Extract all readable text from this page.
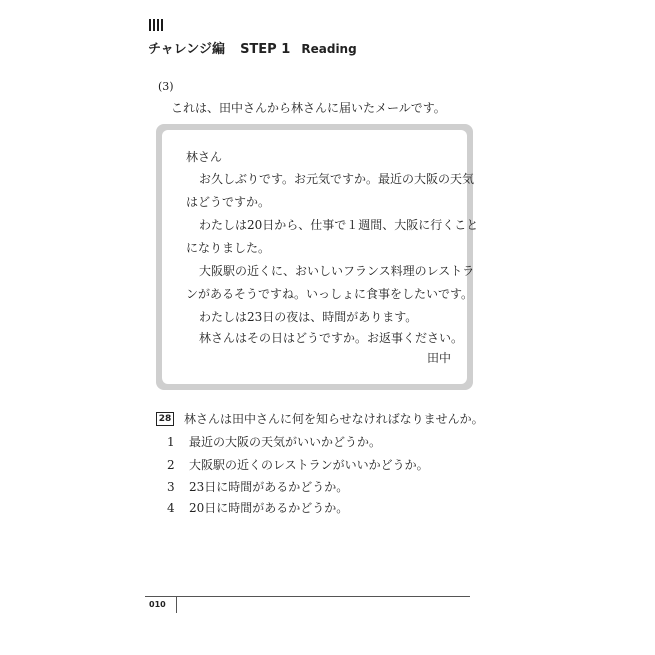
チャレンジ編 STEP 1 Reading
(3)
これは、田中さんから林さんに届いたメールです。
林さん
お久しぶりです。お元気ですか。最近の大阪の天気
はどうですか。
わたしは20日から、仕事で１週間、大阪に行くこと
になりました。
大阪駅の近くに、おいしいフランス料理のレストラ
ンがあるそうですね。いっしょに食事をしたいです。
わたしは23日の夜は、時間があります。
林さんはその日はどうですか。お返事ください。
田中
28 林さんは田中さんに何を知らせなければなりませんか。
1 最近の大阪の天気がいいかどうか。
2 大阪駅の近くのレストランがいいかどうか。
3 23日に時間があるかどうか。
4 20日に時間があるかどうか。
010
